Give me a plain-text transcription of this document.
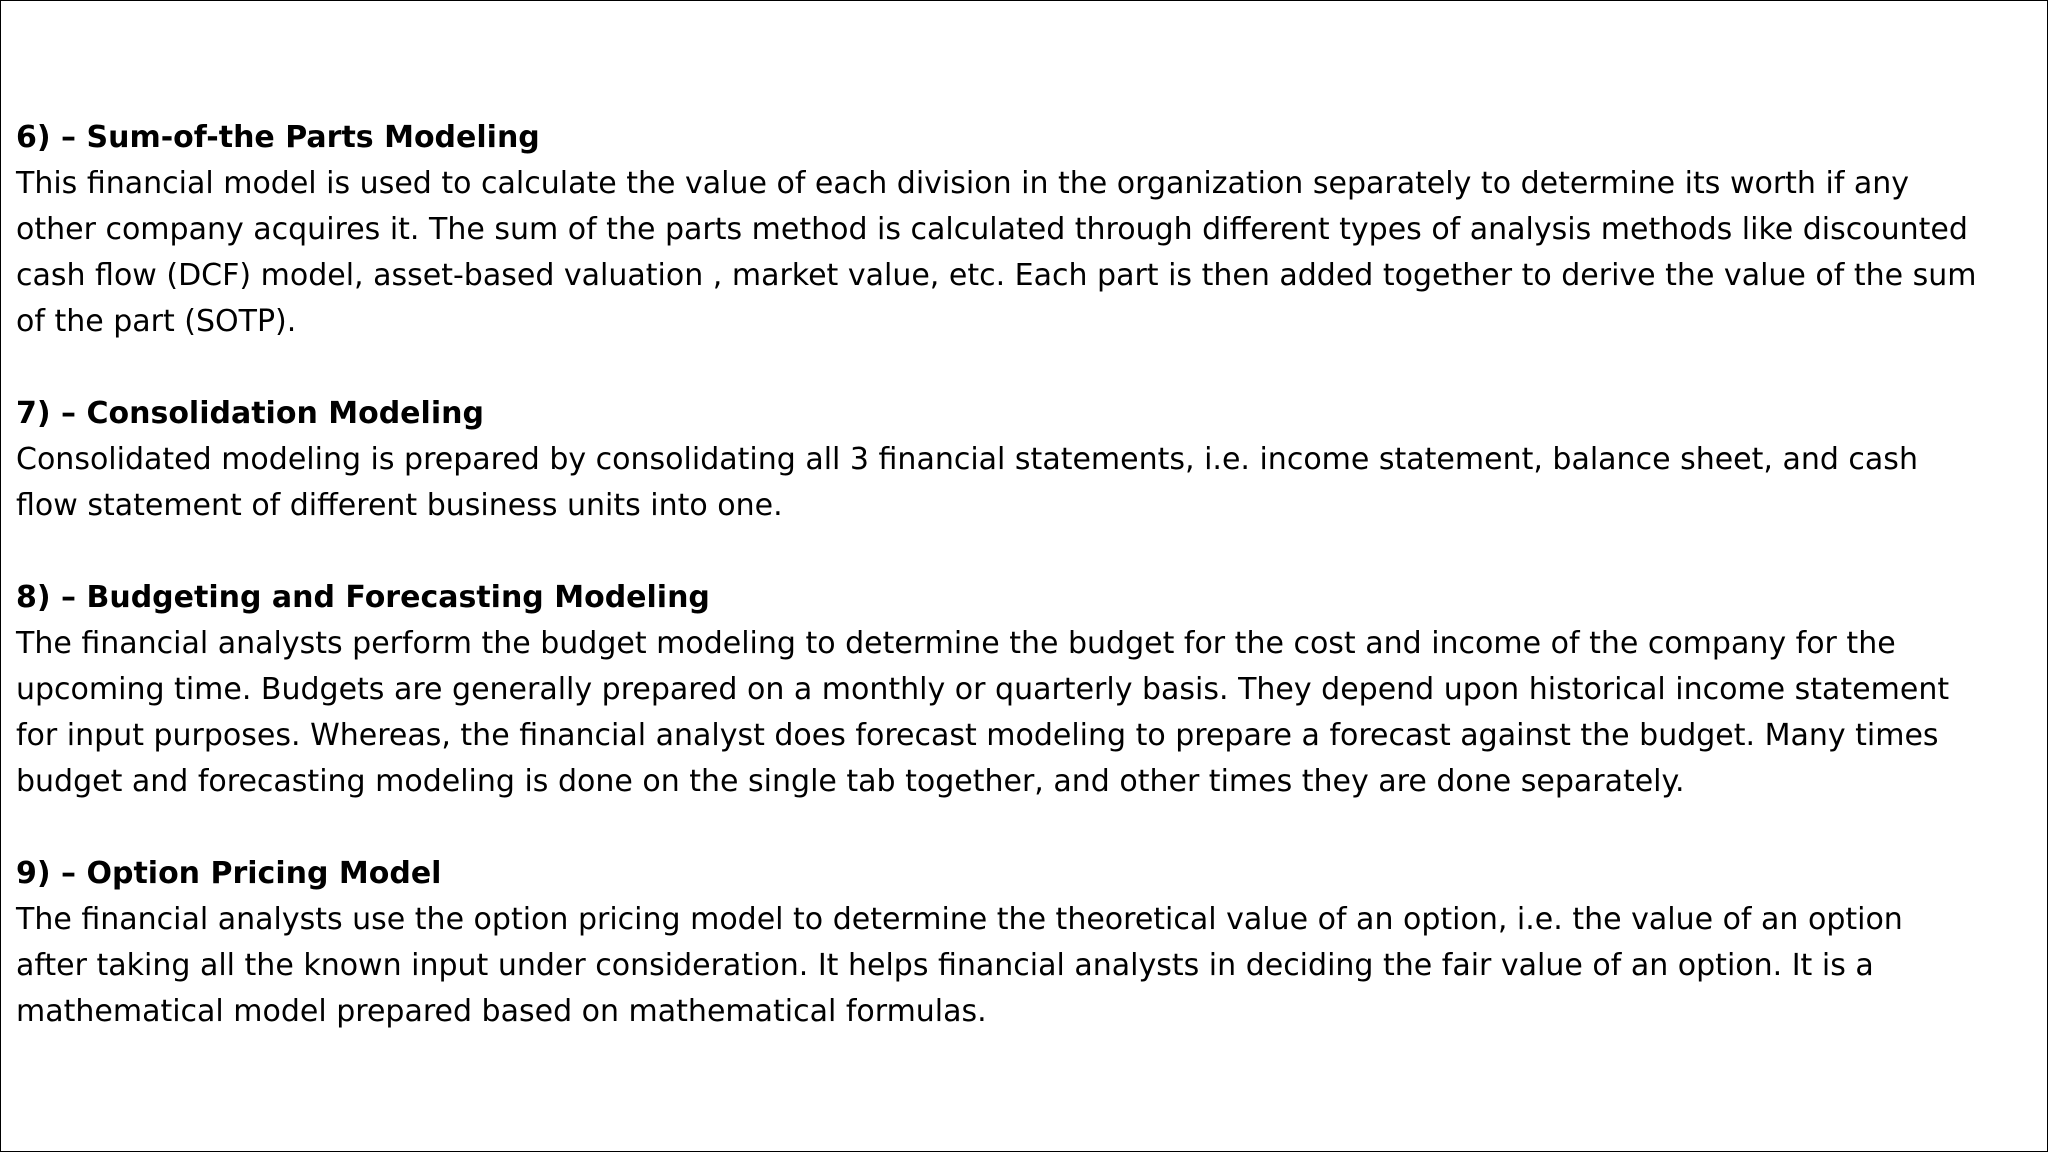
6) – Sum-of-the Parts Modeling
This financial model is used to calculate the value of each division in the organization separately to determine its worth if any
other company acquires it. The sum of the parts method is calculated through different types of analysis methods like discounted
cash flow (DCF) model, asset-based valuation , market value, etc. Each part is then added together to derive the value of the sum
of the part (SOTP).
7) – Consolidation Modeling
Consolidated modeling is prepared by consolidating all 3 financial statements, i.e. income statement, balance sheet, and cash
flow statement of different business units into one.
8) – Budgeting and Forecasting Modeling
The financial analysts perform the budget modeling to determine the budget for the cost and income of the company for the
upcoming time. Budgets are generally prepared on a monthly or quarterly basis. They depend upon historical income statement
for input purposes. Whereas, the financial analyst does forecast modeling to prepare a forecast against the budget. Many times
budget and forecasting modeling is done on the single tab together, and other times they are done separately.
9) – Option Pricing Model
The financial analysts use the option pricing model to determine the theoretical value of an option, i.e. the value of an option
after taking all the known input under consideration. It helps financial analysts in deciding the fair value of an option. It is a
mathematical model prepared based on mathematical formulas.
